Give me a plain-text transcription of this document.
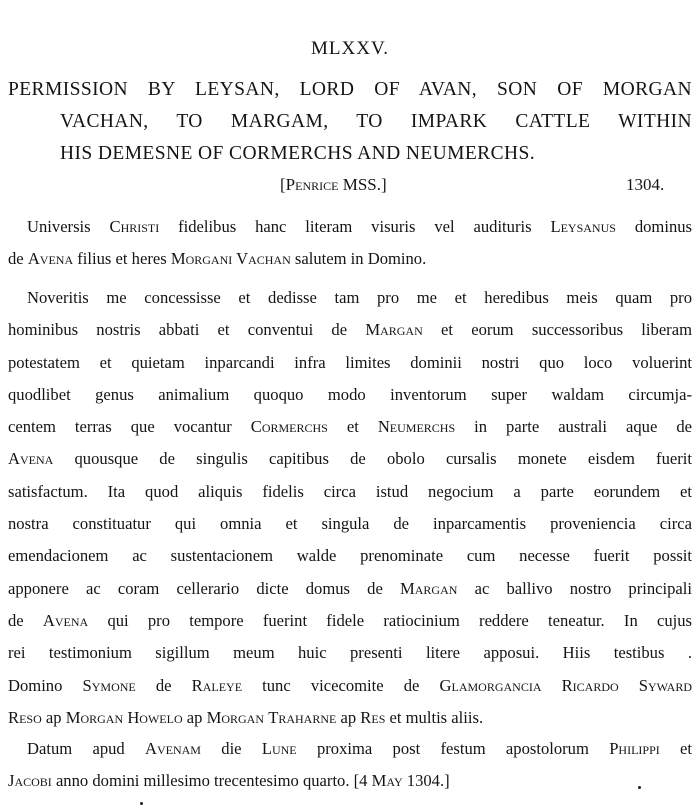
MLXXV.
PERMISSION BY LEYSAN, LORD OF AVAN, SON OF MORGAN
VACHAN, TO MARGAM, TO IMPARK CATTLE WITHIN
HIS DEMESNE OF CORMERCHS AND NEUMERCHS.
[Penrice MSS.]	1304.
Universis Christi fidelibus hanc literam visuris vel audituris Leysanus dominus
de Avena filius et heres Morgani Vachan salutem in Domino.
Noveritis me concessisse et dedisse tam pro me et heredibus meis quam pro
hominibus nostris abbati et conventui de Margan et eorum successoribus liberam
potestatem et quietam inparcandi infra limites dominii nostri quo loco voluerint
quodlibet genus animalium quoquo modo inventorum super waldam circumja-
centem terras que vocantur Cormerchs et Neumerchs in parte australi aque de
Avena quousque de singulis capitibus de obolo cursalis monete eisdem fuerit
satisfactum. Ita quod aliquis fidelis circa istud negocium a parte eorundem et
nostra constituatur qui omnia et singula de inparcamentis proveniencia circa
emendacionem ac sustentacionem walde prenominate cum necesse fuerit possit
apponere ac coram cellerario dicte domus de Margan ac ballivo nostro principali
de Avena qui pro tempore fuerint fidele ratiocinium reddere teneatur. In cujus
rei testimonium sigillum meum huic presenti litere apposui. Hiis testibus .
Domino Symone de Raleye tunc vicecomite de Glamorgancia Ricardo Syward
Reso ap Morgan Howelo ap Morgan Traharne ap Res et multis aliis.
Datum apud Avenam die Lune proxima post festum apostolorum Philippi et
Jacobi anno domini millesimo trecentesimo quarto. [4 May 1304.]
